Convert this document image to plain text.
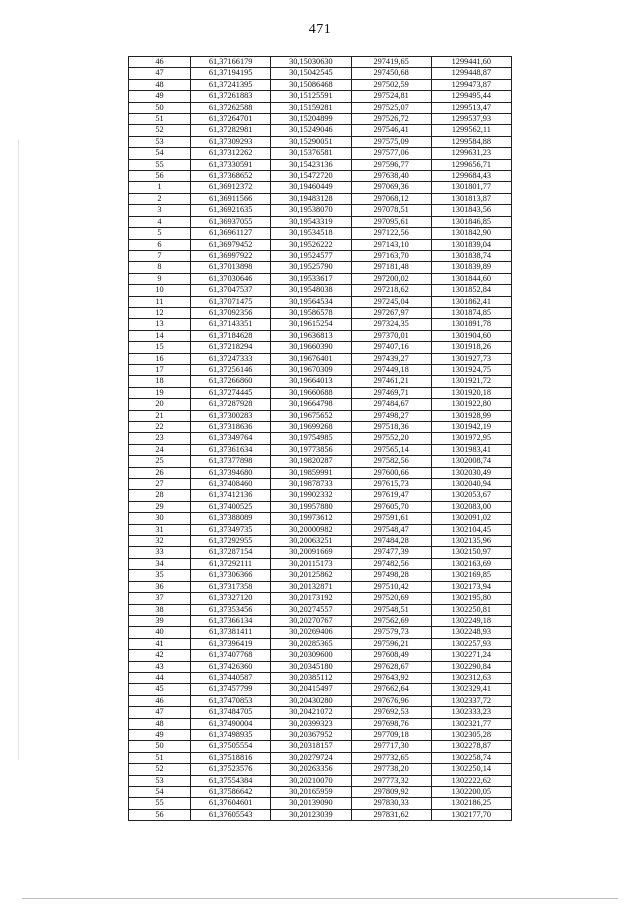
471
46	61,37166179	30,15030630	297419,65	1299441,60
47	61,37194195	30,15042545	297450,68	1299448,87
48	61,37241395	30,15086468	297502,59	1299473,87
49	61,37261883	30,15125591	297524,81	1299495,44
50	61,37262588	30,15159281	297525,07	1299513,47
51	61,37264701	30,15204899	297526,72	1299537,93
52	61,37282981	30,15249046	297546,41	1299562,11
53	61,37309293	30,15290051	297575,09	1299584,88
54	61,37312262	30,15376581	297577,06	1299631,23
55	61,37330591	30,15423136	297596,77	1299656,71
56	61,37368652	30,15472720	297638,40	1299684,43
1	61,36912372	30,19460449	297069,36	1301801,77
2	61,36911566	30,19483128	297068,12	1301813,87
3	61,36921635	30,19538070	297078,51	1301843,56
4	61,36937055	30,19543319	297095,61	1301846,85
5	61,36961127	30,19534518	297122,56	1301842,90
6	61,36979452	30,19526222	297143,10	1301839,04
7	61,36997922	30,19524577	297163,70	1301838,74
8	61,37013898	30,19525790	297181,48	1301839,89
9	61,37030646	30,19533617	297200,02	1301844,60
10	61,37047537	30,19548038	297218,62	1301852,84
11	61,37071475	30,19564534	297245,04	1301862,41
12	61,37092356	30,19586578	297267,97	1301874,85
13	61,37143351	30,19615254	297324,35	1301891,78
14	61,37184628	30,19636813	297370,01	1301904,60
15	61,37218294	30,19660390	297407,16	1301918,26
16	61,37247333	30,19676401	297439,27	1301927,73
17	61,37256146	30,19670309	297449,18	1301924,75
18	61,37266860	30,19664013	297461,21	1301921,72
19	61,37274445	30,19660688	297469,71	1301920,18
20	61,37287928	30,19664798	297484,67	1301922,80
21	61,37300283	30,19675652	297498,27	1301928,99
22	61,37318636	30,19699268	297518,36	1301942,19
23	61,37349764	30,19754985	297552,20	1301972,95
24	61,37361634	30,19773856	297565,14	1301983,41
25	61,37377898	30,19820287	297582,56	1302008,74
26	61,37394680	30,19859991	297600,66	1302030,49
27	61,37408460	30,19878733	297615,73	1302040,94
28	61,37412136	30,19902332	297619,47	1302053,67
29	61,37400525	30,19957880	297605,70	1302083,00
30	61,37388089	30,19973612	297591,61	1302091,02
31	61,37349735	30,20000982	297548,47	1302104,45
32	61,37292955	30,20063251	297484,28	1302135,96
33	61,37287154	30,20091669	297477,39	1302150,97
34	61,37292111	30,20115173	297482,56	1302163,69
35	61,37306366	30,20125862	297498,28	1302169,85
36	61,37317358	30,20132871	297510,42	1302173,94
37	61,37327120	30,20173192	297520,69	1302195,80
38	61,37353456	30,20274557	297548,51	1302250,81
39	61,37366134	30,20270767	297562,69	1302249,18
40	61,37381411	30,20269406	297579,73	1302248,93
41	61,37396419	30,20285365	297596,21	1302257,93
42	61,37407768	30,20309600	297608,49	1302271,24
43	61,37426360	30,20345180	297628,67	1302290,84
44	61,37440587	30,20385112	297643,92	1302312,63
45	61,37457799	30,20415497	297662,64	1302329,41
46	61,37470853	30,20430280	297676,96	1302337,72
47	61,37484705	30,20421072	297692,53	1302333,23
48	61,37490004	30,20399323	297698,76	1302321,77
49	61,37498935	30,20367952	297709,18	1302305,28
50	61,37505554	30,20318157	297717,30	1302278,87
51	61,37518816	30,20279724	297732,65	1302258,74
52	61,37523576	30,20263356	297738,20	1302250,14
53	61,37554384	30,20210070	297773,32	1302222,62
54	61,37586642	30,20165959	297809,92	1302200,05
55	61,37604601	30,20139090	297830,33	1302186,25
56	61,37605543	30,20123039	297831,62	1302177,70
